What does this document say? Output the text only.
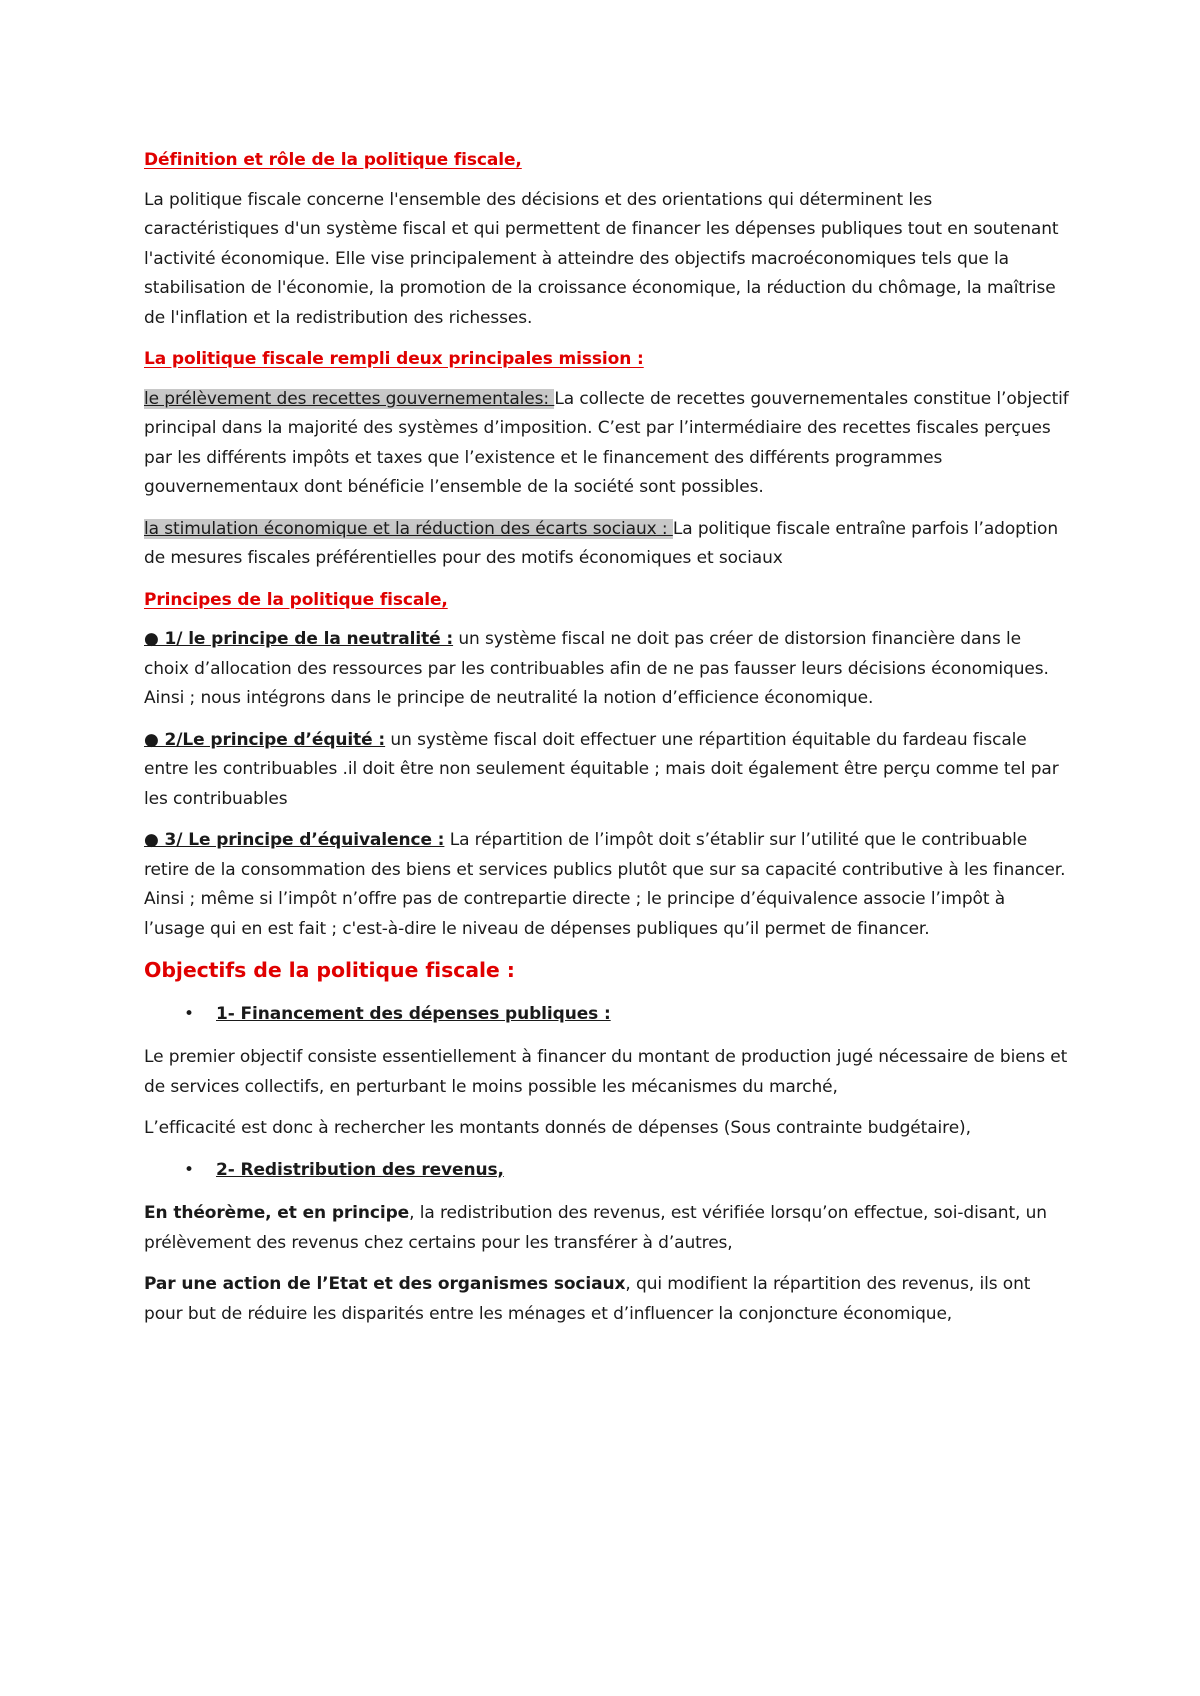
Définition et rôle de la politique fiscale,

La politique fiscale concerne l'ensemble des décisions et des orientations qui déterminent les caractéristiques d'un système fiscal et qui permettent de financer les dépenses publiques tout en soutenant l'activité économique. Elle vise principalement à atteindre des objectifs macroéconomiques tels que la stabilisation de l'économie, la promotion de la croissance économique, la réduction du chômage, la maîtrise de l'inflation et la redistribution des richesses.

La politique fiscale rempli deux principales mission :

le prélèvement des recettes gouvernementales: La collecte de recettes gouvernementales constitue l’objectif principal dans la majorité des systèmes d’imposition. C’est par l’intermédiaire des recettes fiscales perçues par les différents impôts et taxes que l’existence et le financement des différents programmes gouvernementaux dont bénéficie l’ensemble de la société sont possibles.

la stimulation économique et la réduction des écarts sociaux : La politique fiscale entraîne parfois l’adoption de mesures fiscales préférentielles pour des motifs économiques et sociaux

Principes de la politique fiscale,

● 1/ le principe de la neutralité : un système fiscal ne doit pas créer de distorsion financière dans le choix d’allocation des ressources par les contribuables afin de ne pas fausser leurs décisions économiques. Ainsi ; nous intégrons dans le principe de neutralité la notion d’efficience économique.

● 2/Le principe d’équité : un système fiscal doit effectuer une répartition équitable du fardeau fiscale entre les contribuables .il doit être non seulement équitable ; mais doit également être perçu comme tel par les contribuables

● 3/ Le principe d’équivalence : La répartition de l’impôt doit s’établir sur l’utilité que le contribuable retire de la consommation des biens et services publics plutôt que sur sa capacité contributive à les financer. Ainsi ; même si l’impôt n’offre pas de contrepartie directe ; le principe d’équivalence associe l’impôt à l’usage qui en est fait ; c'est-à-dire le niveau de dépenses publiques qu’il permet de financer.

Objectifs de la politique fiscale :

• 1- Financement des dépenses publiques :

Le premier objectif consiste essentiellement à financer du montant de production jugé nécessaire de biens et de services collectifs, en perturbant le moins possible les mécanismes du marché,

L’efficacité est donc à rechercher les montants donnés de dépenses (Sous contrainte budgétaire),

• 2- Redistribution des revenus,

En théorème, et en principe, la redistribution des revenus, est vérifiée lorsqu’on effectue, soi-disant, un prélèvement des revenus chez certains pour les transférer à d’autres,

Par une action de l’Etat et des organismes sociaux, qui modifient la répartition des revenus, ils ont pour but de réduire les disparités entre les ménages et d’influencer la conjoncture économique,
